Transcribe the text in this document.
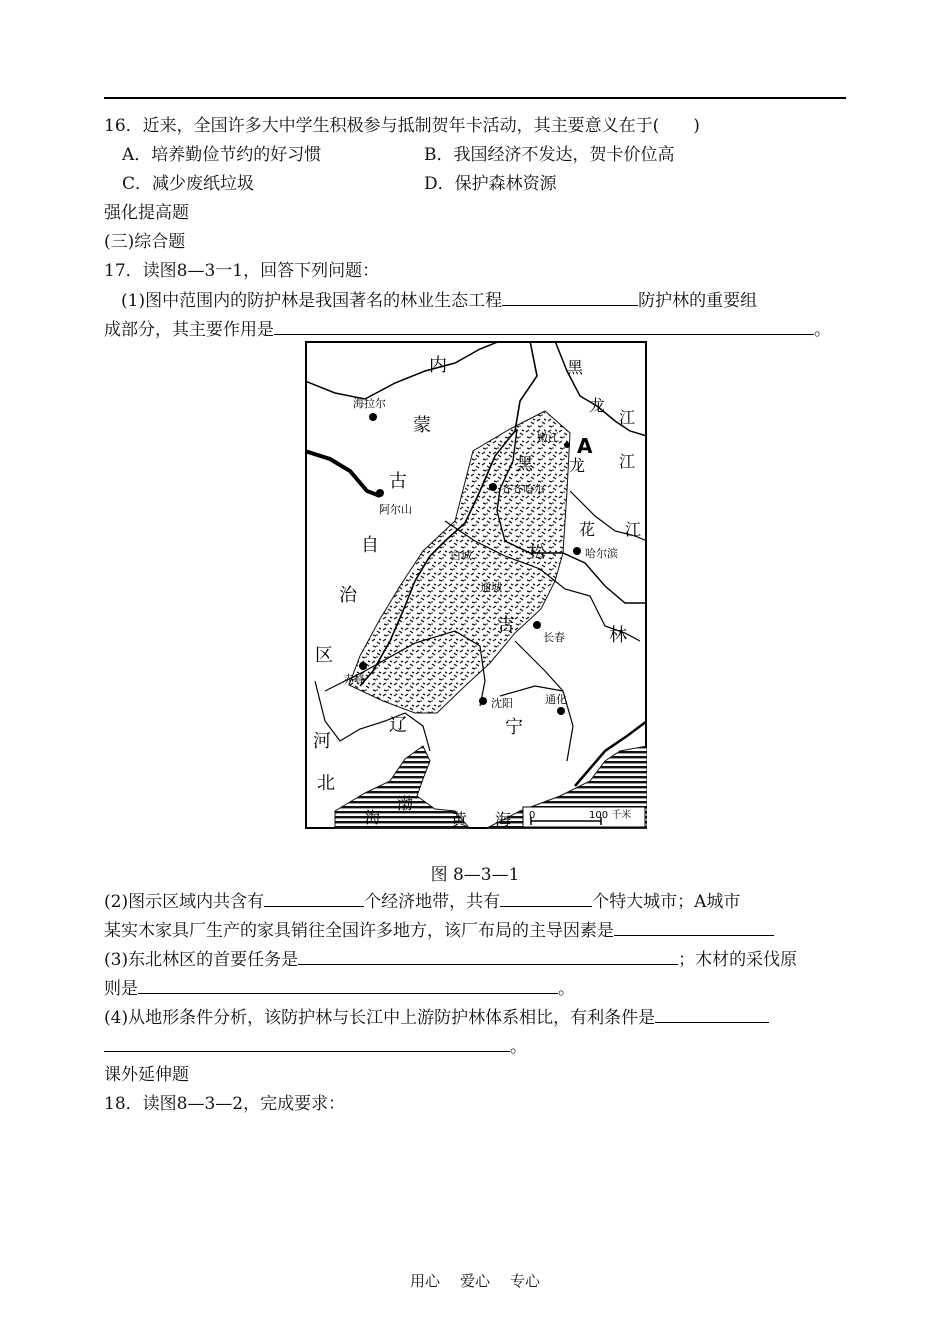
16．近来，全国许多大中学生积极参与抵制贺年卡活动，其主要意义在于(　　)
A．培养勤俭节约的好习惯	B．我国经济不发达，贺卡价位高
C．减少废纸垃圾	D．保护森林资源
强化提高题
(三)综合题
17．读图8—3一1，回答下列问题：
　(1)图中范围内的防护林是我国著名的林业生态工程	防护林的重要组
成部分，其主要作用是	。
0	100 千米
海拉尔
嫩江 A
齐齐哈尔
阿尔山
哈尔滨
白城
通城
长春
赤峰
沈阳	通化
内
蒙
古
自
治
区
黑
龙
江
黑 龙 江
松
花 江
吉	林
辽	宁
河
北
渤
海	黄 海
图 8—3—1
(2)图示区域内共含有	个经济地带，共有	个特大城市；A城市
某实木家具厂生产的家具销往全国许多地方，该厂布局的主导因素是
(3)东北林区的首要任务是	；木材的采伐原
则是	。
(4)从地形条件分析，该防护林与长江中上游防护林体系相比，有利条件是
。
课外延伸题
18．读图8—3—2，完成要求：
用心 爱心 专心
